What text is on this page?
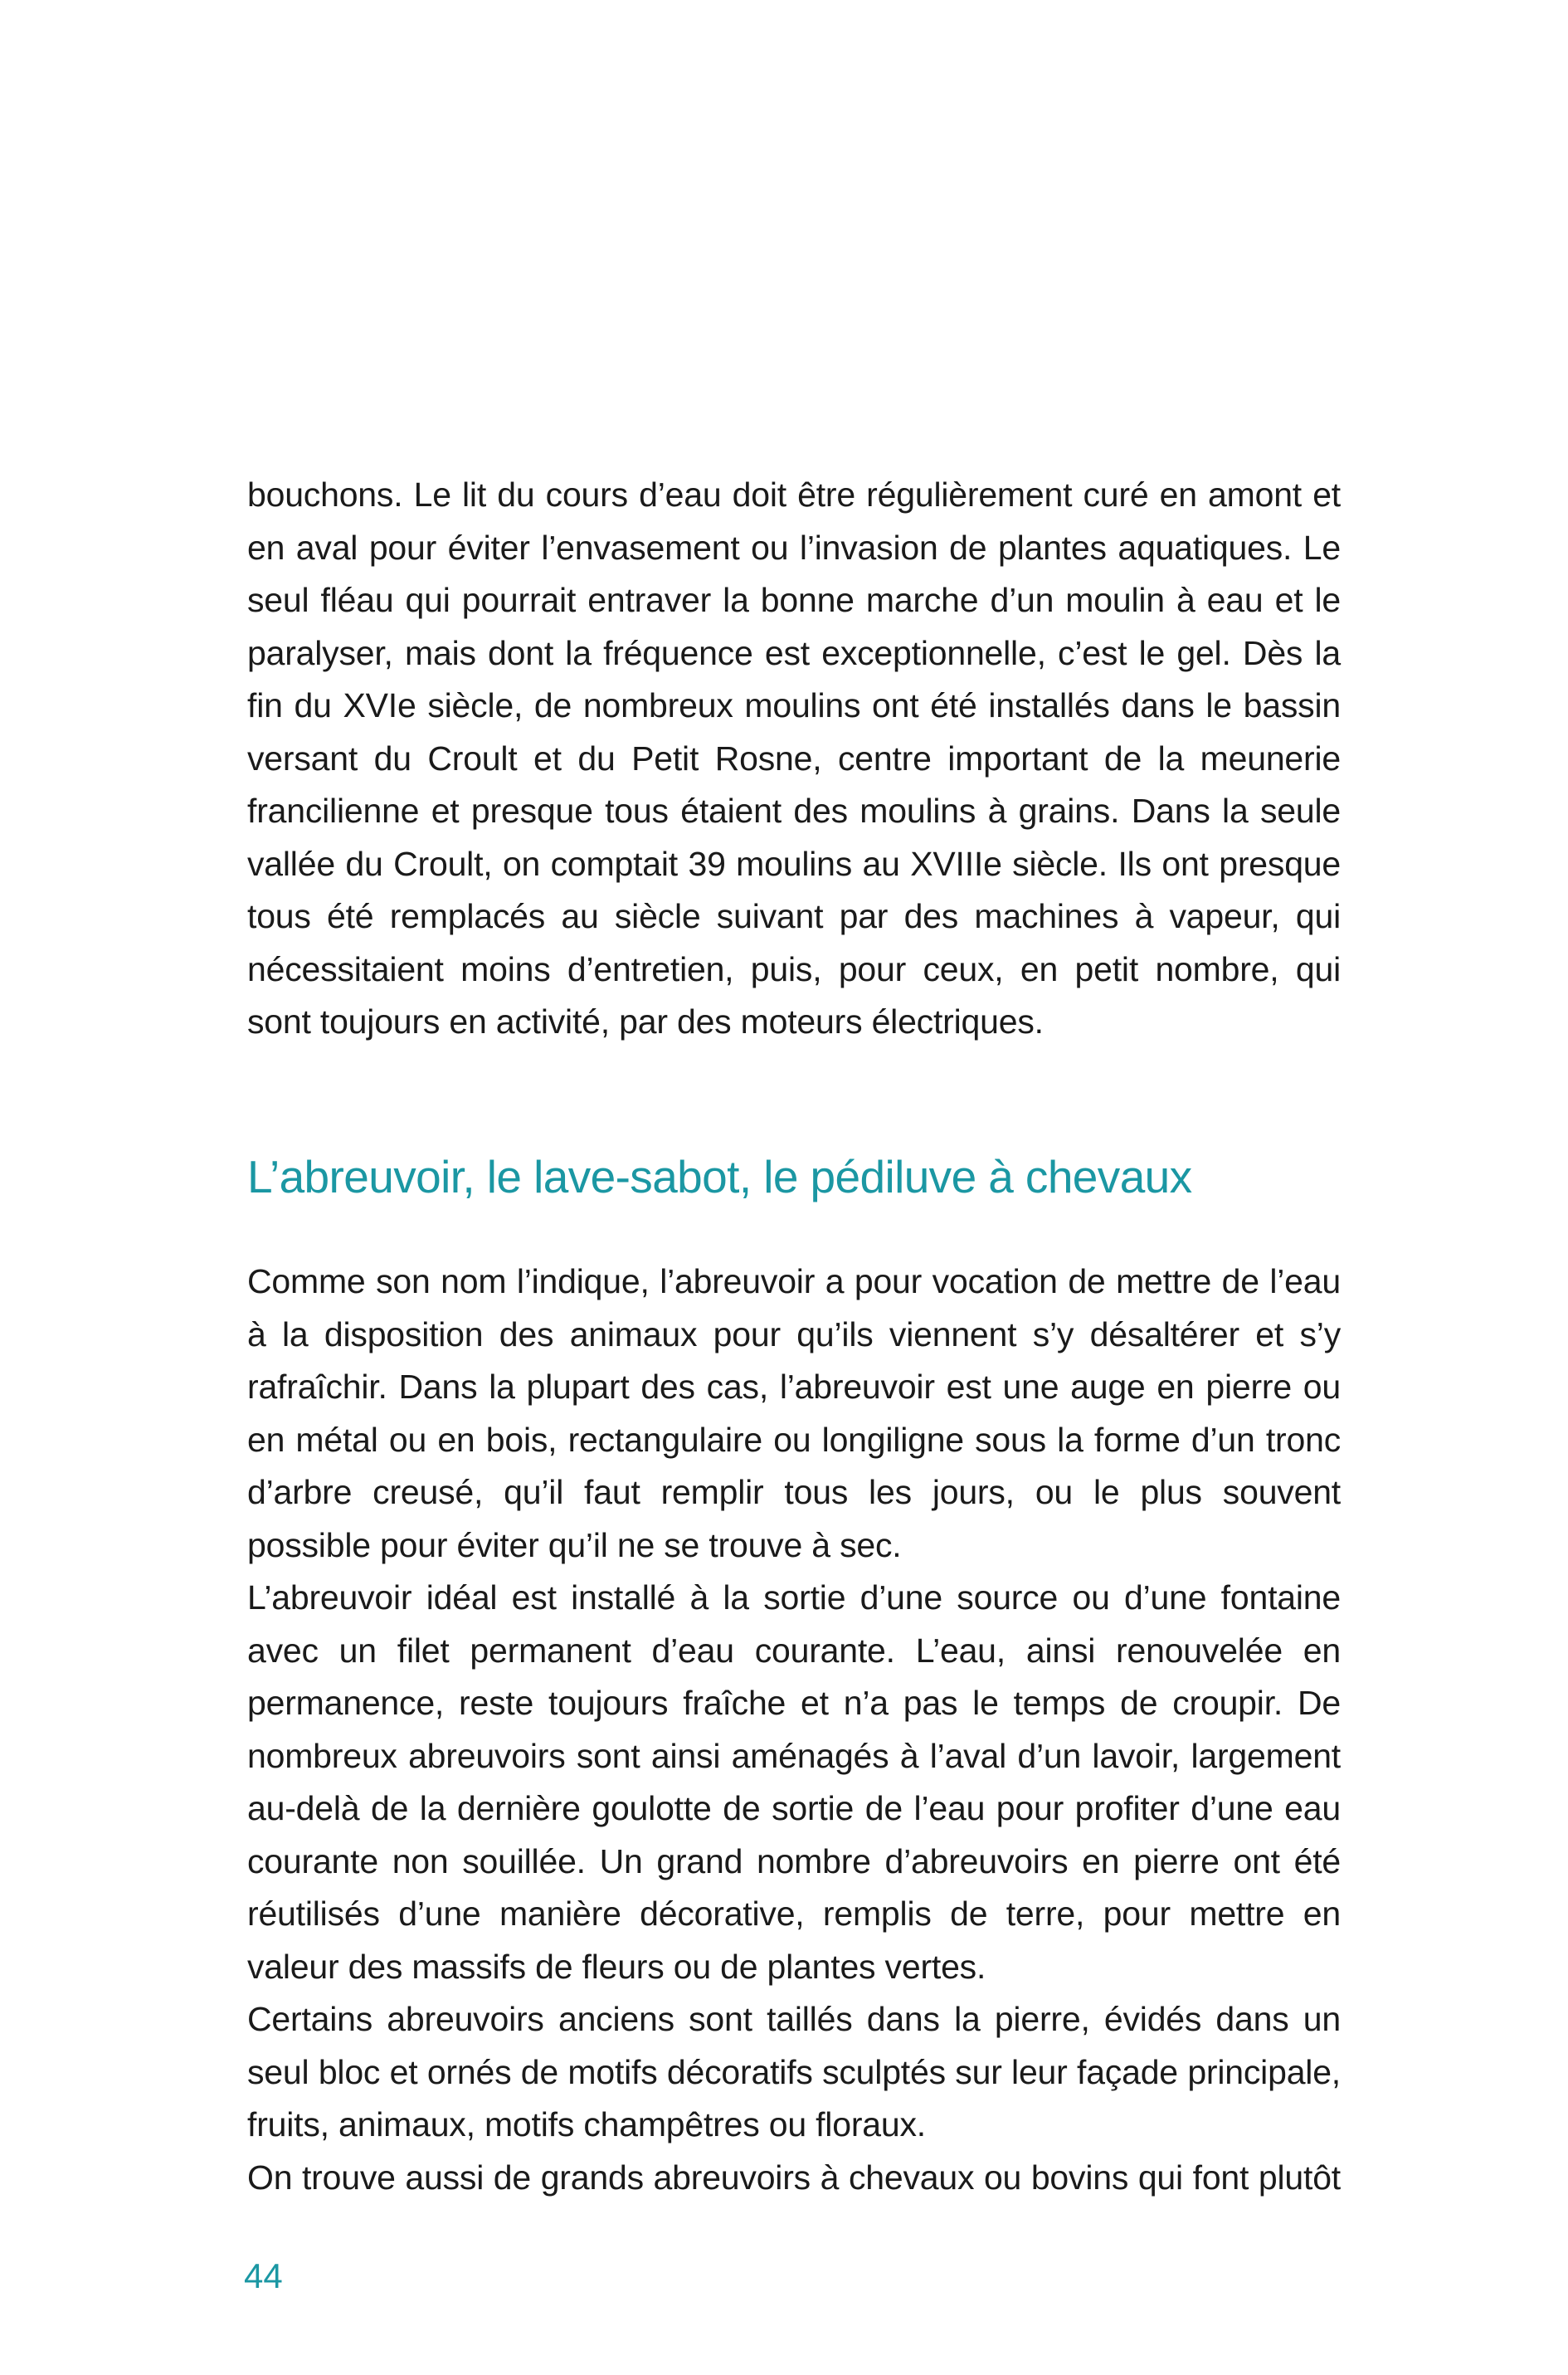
bouchons. Le lit du cours d’eau doit être régulièrement curé en amont et en aval pour éviter l’envasement ou l’invasion de plantes aquatiques. Le seul fléau qui pourrait entraver la bonne marche d’un moulin à eau et le paralyser, mais dont la fréquence est exceptionnelle, c’est le gel. Dès la fin du XVIe siècle, de nombreux moulins ont été installés dans le bassin versant du Croult et du Petit Rosne, centre important de la meunerie francilienne et presque tous étaient des moulins à grains. Dans la seule vallée du Croult, on comptait 39 moulins au XVIIIe siècle. Ils ont presque tous été remplacés au siècle suivant par des machines à vapeur, qui nécessitaient moins d’entretien, puis, pour ceux, en petit nombre, qui sont toujours en activité, par des moteurs électriques.

L’abreuvoir, le lave-sabot, le pédiluve à chevaux

Comme son nom l’indique, l’abreuvoir a pour vocation de mettre de l’eau à la disposition des animaux pour qu’ils viennent s’y désaltérer et s’y rafraîchir. Dans la plupart des cas, l’abreuvoir est une auge en pierre ou en métal ou en bois, rectangulaire ou longiligne sous la forme d’un tronc d’arbre creusé, qu’il faut remplir tous les jours, ou le plus souvent possible pour éviter qu’il ne se trouve à sec.

L’abreuvoir idéal est installé à la sortie d’une source ou d’une fontaine avec un filet permanent d’eau courante. L’eau, ainsi renouvelée en permanence, reste toujours fraîche et n’a pas le temps de croupir. De nombreux abreuvoirs sont ainsi aménagés à l’aval d’un lavoir, largement au-delà de la dernière goulotte de sortie de l’eau pour profiter d’une eau courante non souillée. Un grand nombre d’abreuvoirs en pierre ont été réutilisés d’une manière décorative, remplis de terre, pour mettre en valeur des massifs de fleurs ou de plantes vertes.

Certains abreuvoirs anciens sont taillés dans la pierre, évidés dans un seul bloc et ornés de motifs décoratifs sculptés sur leur façade principale, fruits, animaux, motifs champêtres ou floraux.

On trouve aussi de grands abreuvoirs à chevaux ou bovins qui font plutôt

44
